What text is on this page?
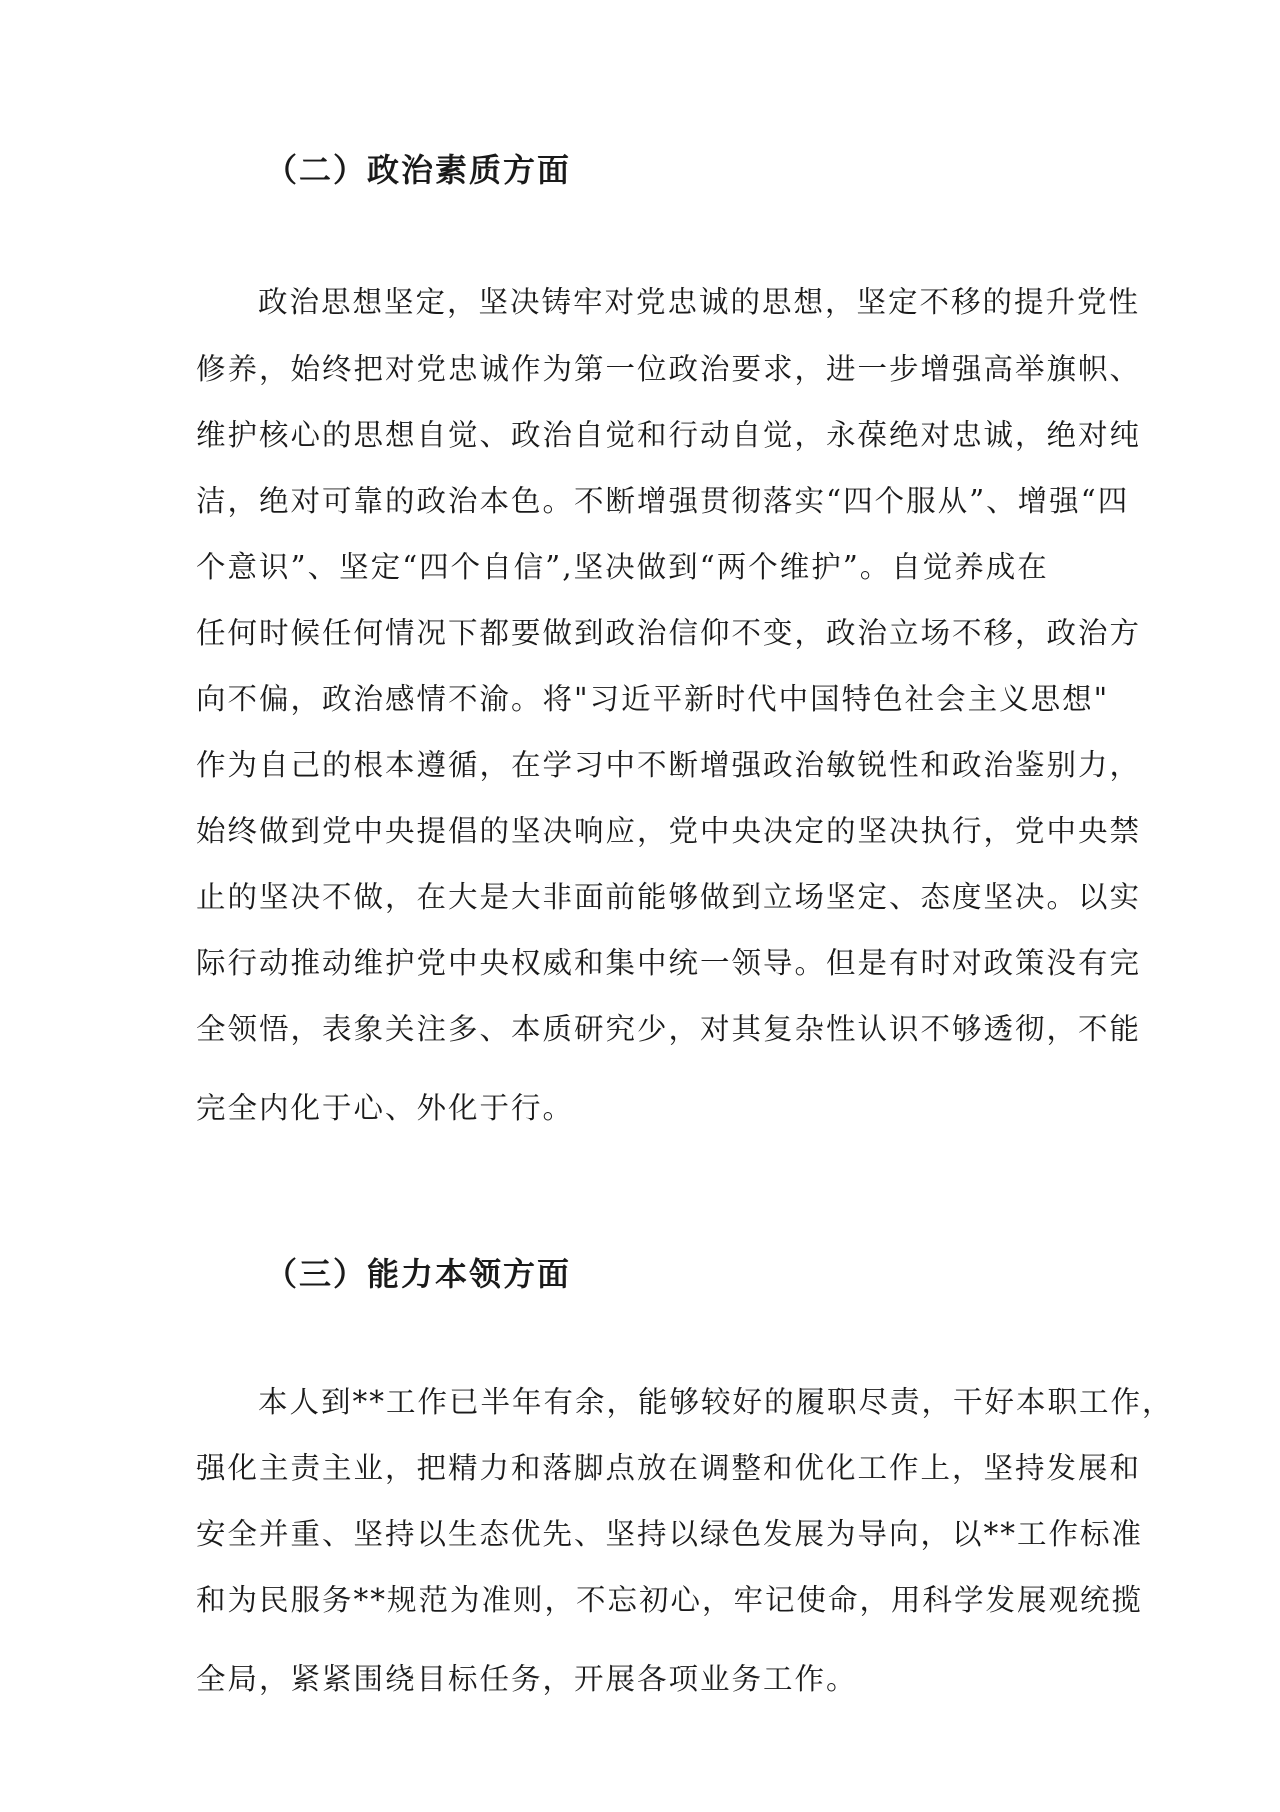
（二）政治素质方面
政治思想坚定，坚决铸牢对党忠诚的思想，坚定不移的提升党性
修养，始终把对党忠诚作为第一位政治要求，进一步增强高举旗帜、
维护核心的思想自觉、政治自觉和行动自觉，永葆绝对忠诚，绝对纯
洁，绝对可靠的政治本色。不断增强贯彻落实“四个服从”、增强“四
个意识”、坚定“四个自信”,坚决做到“两个维护”。自觉养成在
任何时候任何情况下都要做到政治信仰不变，政治立场不移，政治方
向不偏，政治感情不渝。将"习近平新时代中国特色社会主义思想"
作为自己的根本遵循，在学习中不断增强政治敏锐性和政治鉴别力，
始终做到党中央提倡的坚决响应，党中央决定的坚决执行，党中央禁
止的坚决不做，在大是大非面前能够做到立场坚定、态度坚决。以实
际行动推动维护党中央权威和集中统一领导。但是有时对政策没有完
全领悟，表象关注多、本质研究少，对其复杂性认识不够透彻，不能
完全内化于心、外化于行。
（三）能力本领方面
本人到**工作已半年有余，能够较好的履职尽责，干好本职工作，
强化主责主业，把精力和落脚点放在调整和优化工作上，坚持发展和
安全并重、坚持以生态优先、坚持以绿色发展为导向，以**工作标准
和为民服务**规范为准则，不忘初心，牢记使命，用科学发展观统揽
全局，紧紧围绕目标任务，开展各项业务工作。
